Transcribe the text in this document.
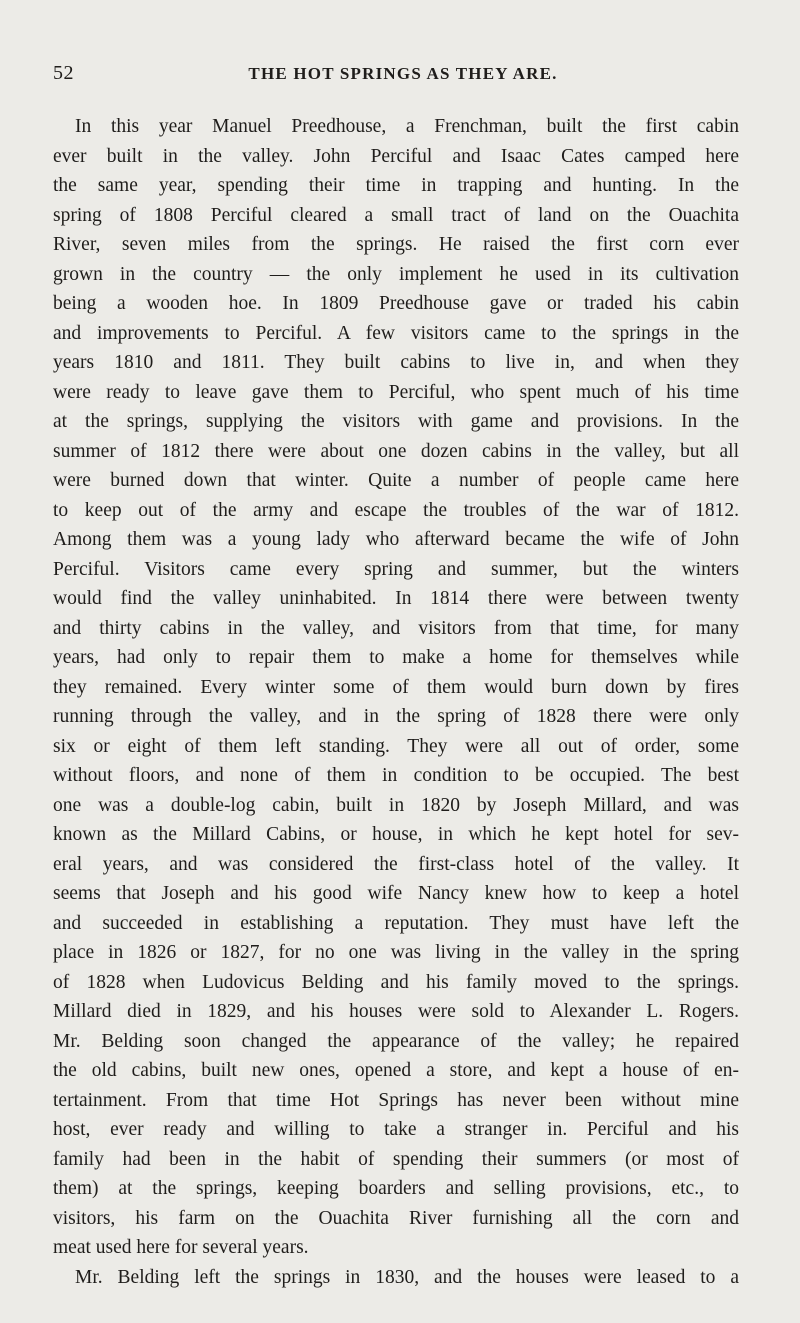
52	THE HOT SPRINGS AS THEY ARE.
In this year Manuel Preedhouse, a Frenchman, built the first cabin
ever built in the valley. John Perciful and Isaac Cates camped here
the same year, spending their time in trapping and hunting. In the
spring of 1808 Perciful cleared a small tract of land on the Ouachita
River, seven miles from the springs. He raised the first corn ever
grown in the country — the only implement he used in its cultivation
being a wooden hoe. In 1809 Preedhouse gave or traded his cabin
and improvements to Perciful. A few visitors came to the springs in the
years 1810 and 1811. They built cabins to live in, and when they
were ready to leave gave them to Perciful, who spent much of his time
at the springs, supplying the visitors with game and provisions. In the
summer of 1812 there were about one dozen cabins in the valley, but all
were burned down that winter. Quite a number of people came here
to keep out of the army and escape the troubles of the war of 1812.
Among them was a young lady who afterward became the wife of John
Perciful. Visitors came every spring and summer, but the winters
would find the valley uninhabited. In 1814 there were between twenty
and thirty cabins in the valley, and visitors from that time, for many
years, had only to repair them to make a home for themselves while
they remained. Every winter some of them would burn down by fires
running through the valley, and in the spring of 1828 there were only
six or eight of them left standing. They were all out of order, some
without floors, and none of them in condition to be occupied. The best
one was a double-log cabin, built in 1820 by Joseph Millard, and was
known as the Millard Cabins, or house, in which he kept hotel for sev-
eral years, and was considered the first-class hotel of the valley. It
seems that Joseph and his good wife Nancy knew how to keep a hotel
and succeeded in establishing a reputation. They must have left the
place in 1826 or 1827, for no one was living in the valley in the spring
of 1828 when Ludovicus Belding and his family moved to the springs.
Millard died in 1829, and his houses were sold to Alexander L. Rogers.
Mr. Belding soon changed the appearance of the valley; he repaired
the old cabins, built new ones, opened a store, and kept a house of en-
tertainment. From that time Hot Springs has never been without mine
host, ever ready and willing to take a stranger in. Perciful and his
family had been in the habit of spending their summers (or most of
them) at the springs, keeping boarders and selling provisions, etc., to
visitors, his farm on the Ouachita River furnishing all the corn and
meat used here for several years.
Mr. Belding left the springs in 1830, and the houses were leased to a
